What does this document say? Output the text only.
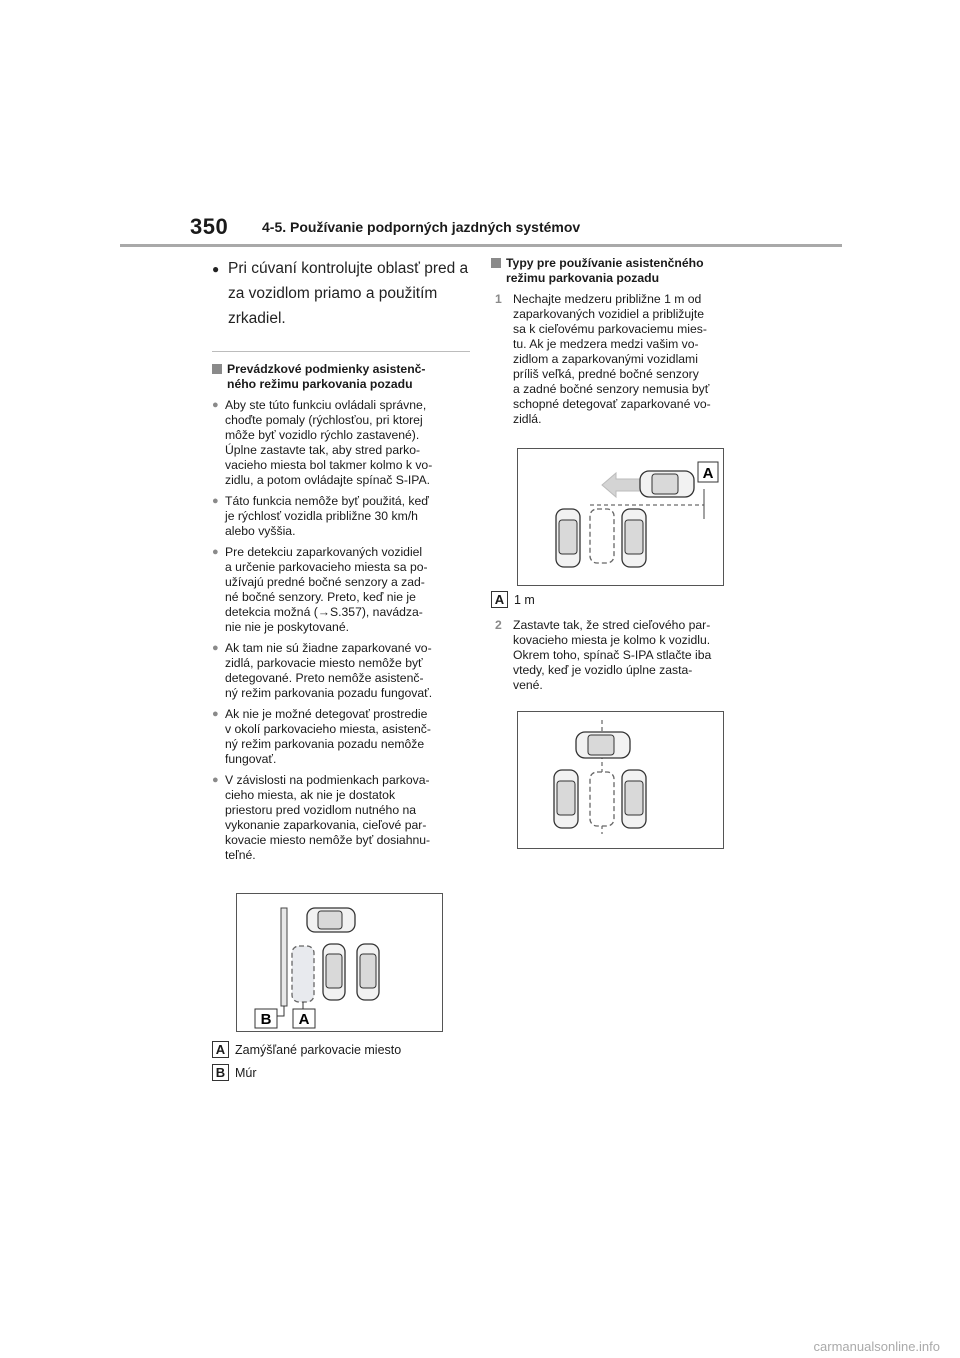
350 4-5. Používanie podporných jazdných systémov
● Pri cúvaní kontrolujte oblasť pred a za vozidlom priamo a použitím zrkadiel.
Prevádzkové podmienky asistenč-
ného režimu parkovania pozadu
● Aby ste túto funkciu ovládali správne,
choďte pomaly (rýchlosťou, pri ktorej
môže byť vozidlo rýchlo zastavené).
Úplne zastavte tak, aby stred parko-
vacieho miesta bol takmer kolmo k vo-
zidlu, a potom ovládajte spínač S-IPA.
● Táto funkcia nemôže byť použitá, keď
je rýchlosť vozidla približne 30 km/h
alebo vyššia.
● Pre detekciu zaparkovaných vozidiel
a určenie parkovacieho miesta sa po-
užívajú predné bočné senzory a zad-
né bočné senzory. Preto, keď nie je
detekcia možná (→S.357), navádza-
nie nie je poskytované.
● Ak tam nie sú žiadne zaparkované vo-
zidlá, parkovacie miesto nemôže byť
detegované. Preto nemôže asistenč-
ný režim parkovania pozadu fungovať.
● Ak nie je možné detegovať prostredie
v okolí parkovacieho miesta, asistenč-
ný režim parkovania pozadu nemôže
fungovať.
● V závislosti na podmienkach parkova-
cieho miesta, ak nie je dostatok
priestoru pred vozidlom nutného na
vykonanie zaparkovania, cieľové par-
kovacie miesto nemôže byť dosiahnu-
teľné.
B A
A Zamýšľané parkovacie miesto
B Múr
Typy pre používanie asistenčného
režimu parkovania pozadu
1 Nechajte medzeru približne 1 m od
zaparkovaných vozidiel a približujte
sa k cieľovému parkovaciemu mies-
tu. Ak je medzera medzi vašim vo-
zidlom a zaparkovanými vozidlami
príliš veľká, predné bočné senzory
a zadné bočné senzory nemusia byť
schopné detegovať zaparkované vo-
zidlá.
A
A 1 m
2 Zastavte tak, že stred cieľového par-
kovacieho miesta je kolmo k vozidlu.
Okrem toho, spínač S-IPA stlačte iba
vtedy, keď je vozidlo úplne zasta-
vené.
carmanualsonline.info
